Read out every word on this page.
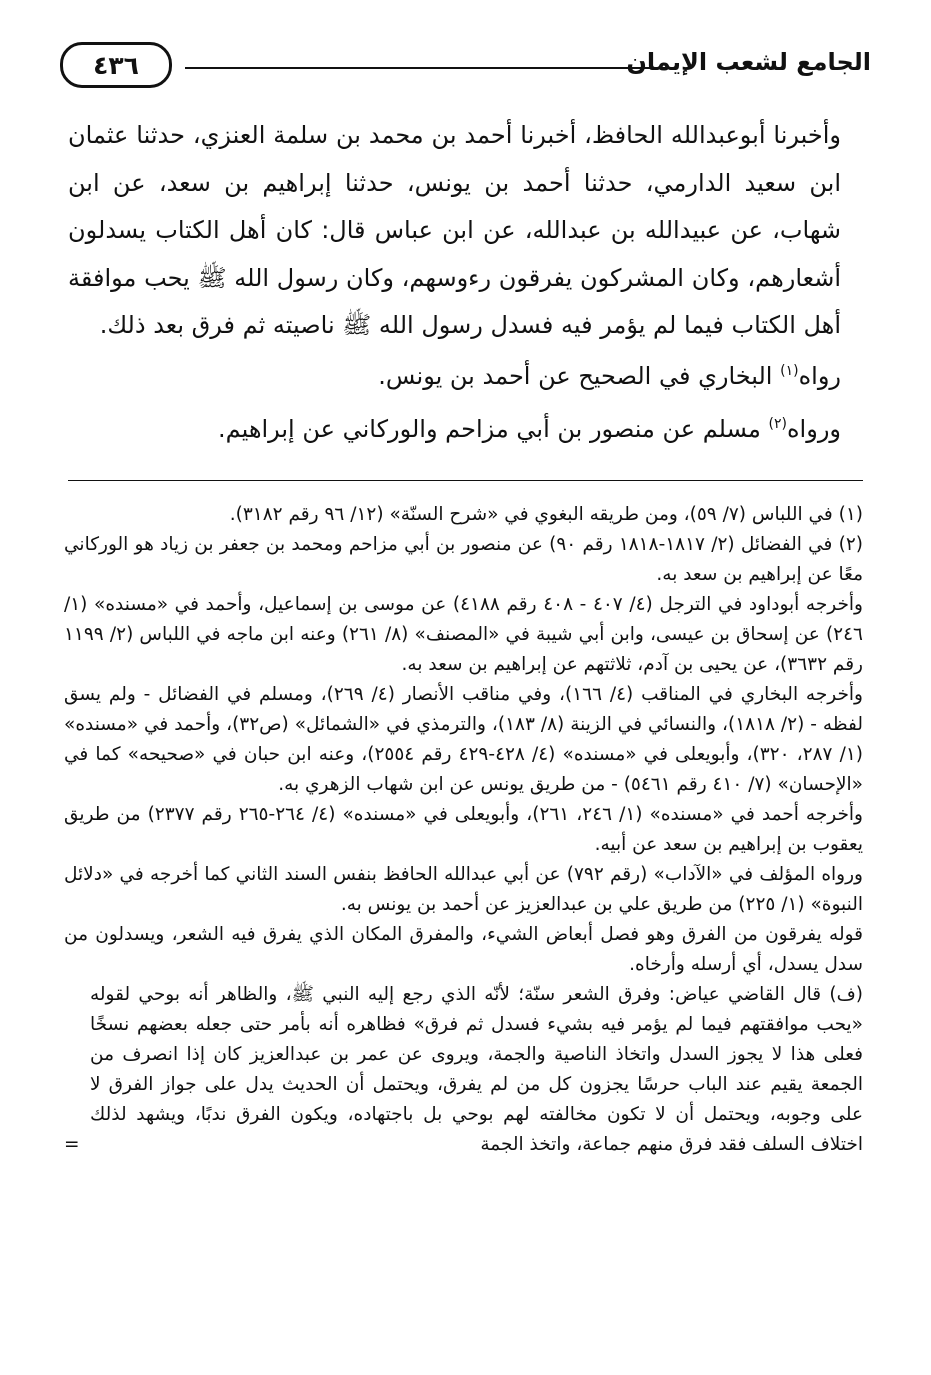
الجامع لشعب الإيمان
٤٣٦

وأخبرنا أبوعبدالله الحافظ، أخبرنا أحمد بن محمد بن سلمة العنزي، حدثنا عثمان ابن سعيد الدارمي، حدثنا أحمد بن يونس، حدثنا إبراهيم بن سعد، عن ابن شهاب، عن عبيدالله بن عبدالله، عن ابن عباس قال: كان أهل الكتاب يسدلون أشعارهم، وكان المشركون يفرقون رءوسهم، وكان رسول الله ﷺ يحب موافقة أهل الكتاب فيما لم يؤمر فيه فسدل رسول الله ﷺ ناصيته ثم فرق بعد ذلك.

رواه$^{(١)}$ البخاري في الصحيح عن أحمد بن يونس.

ورواه$^{(٢)}$ مسلم عن منصور بن أبي مزاحم والوركاني عن إبراهيم.

(١) في اللباس (٧/ ٥٩)، ومن طريقه البغوي في «شرح السنّة» (١٢/ ٩٦ رقم ٣١٨٢).

(٢) في الفضائل (٢/ ١٨١٧-١٨١٨ رقم ٩٠) عن منصور بن أبي مزاحم ومحمد بن جعفر بن زياد هو الوركاني معًا عن إبراهيم بن سعد به.

وأخرجه أبوداود في الترجل (٤/ ٤٠٧ - ٤٠٨ رقم ٤١٨٨) عن موسى بن إسماعيل، وأحمد في «مسنده» (١/ ٢٤٦) عن إسحاق بن عيسى، وابن أبي شيبة في «المصنف» (٨/ ٢٦١) وعنه ابن ماجه في اللباس (٢/ ١١٩٩ رقم ٣٦٣٢)، عن يحيى بن آدم، ثلاثتهم عن إبراهيم بن سعد به.

وأخرجه البخاري في المناقب (٤/ ١٦٦)، وفي مناقب الأنصار (٤/ ٢٦٩)، ومسلم في الفضائل - ولم يسق لفظه - (٢/ ١٨١٨)، والنسائي في الزينة (٨/ ١٨٣)، والترمذي في «الشمائل» (ص٣٢)، وأحمد في «مسنده» (١/ ٢٨٧، ٣٢٠)، وأبويعلى في «مسنده» (٤/ ٤٢٨-٤٢٩ رقم ٢٥٥٤)، وعنه ابن حبان في «صحيحه» كما في «الإحسان» (٧/ ٤١٠ رقم ٥٤٦١) - من طريق يونس عن ابن شهاب الزهري به.

وأخرجه أحمد في «مسنده» (١/ ٢٤٦، ٢٦١)، وأبويعلى في «مسنده» (٤/ ٢٦٤-٢٦٥ رقم ٢٣٧٧) من طريق يعقوب بن إبراهيم بن سعد عن أبيه.

ورواه المؤلف في «الآداب» (رقم ٧٩٢) عن أبي عبدالله الحافظ بنفس السند الثاني كما أخرجه في «دلائل النبوة» (١/ ٢٢٥) من طريق علي بن عبدالعزيز عن أحمد بن يونس به.

قوله يفرقون من الفرق وهو فصل أبعاض الشيء، والمفرق المكان الذي يفرق فيه الشعر، ويسدلون من سدل يسدل، أي أرسله وأرخاه.

(ف) قال القاضي عياض: وفرق الشعر سنّة؛ لأنّه الذي رجع إليه النبي ﷺ، والظاهر أنه بوحي لقوله «يحب موافقتهم فيما لم يؤمر فيه بشيء فسدل ثم فرق» فظاهره أنه بأمر حتى جعله بعضهم نسخًا فعلى هذا لا يجوز السدل واتخاذ الناصية والجمة، ويروى عن عمر بن عبدالعزيز كان إذا انصرف من الجمعة يقيم عند الباب حرسًا يجزون كل من لم يفرق، ويحتمل أن الحديث يدل على جواز الفرق لا على وجوبه، ويحتمل أن لا تكون مخالفته لهم بوحي بل باجتهاده، ويكون الفرق ندبًا، ويشهد لذلك اختلاف السلف فقد فرق منهم جماعة، واتخذ الجمة

=
